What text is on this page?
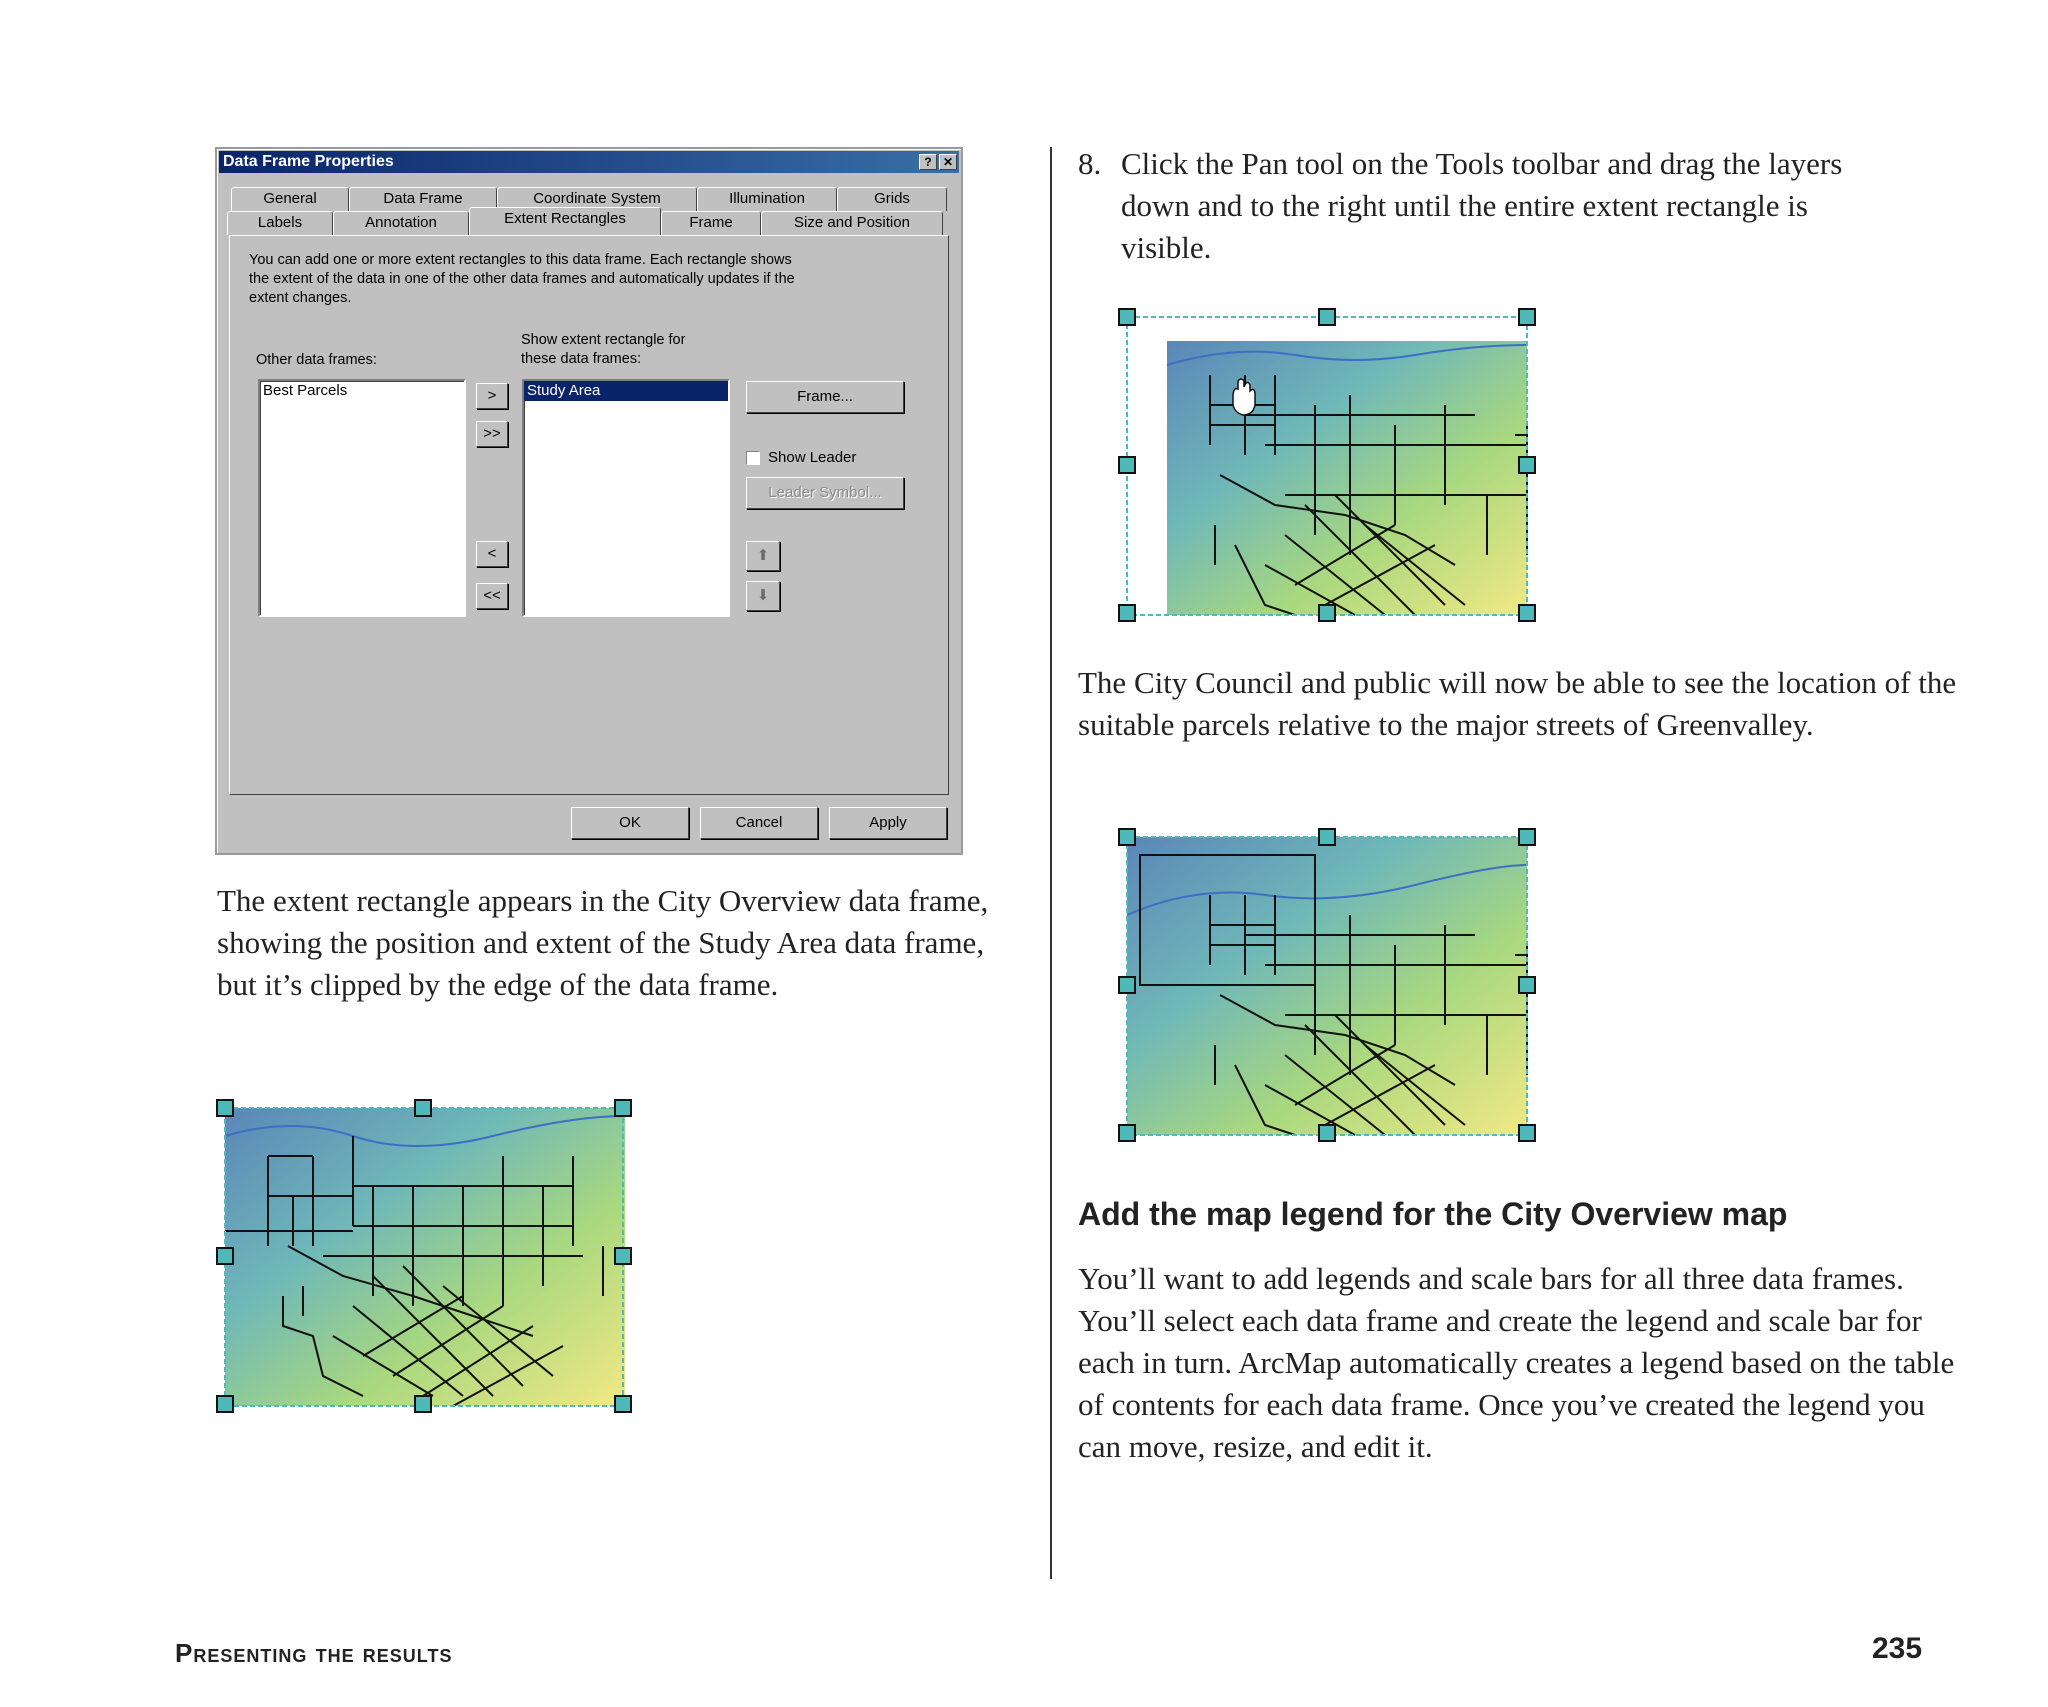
Data Frame Properties	? ✕
General	Data Frame	Coordinate System	Illumination	Grids
Labels	Annotation	Extent Rectangles	Frame	Size and Position
You can add one or more extent rectangles to this data frame. Each rectangle shows
the extent of the data in one of the other data frames and automatically updates if the
extent changes.
Other data frames:
Show extent rectangle for
these data frames:
Best Parcels	Study Area
>
>>
<
<<
Frame...
Show Leader
Leader Symbol...
⬆
⬇
OK	Cancel	Apply

The extent rectangle appears in the City Overview data frame, showing the position and extent of the Study Area data frame, but it’s clipped by the edge of the data frame.

8. Click the Pan tool on the Tools toolbar and drag the layers down and to the right until the entire extent rectangle is visible.

The City Council and public will now be able to see the location of the suitable parcels relative to the major streets of Greenvalley.

Add the map legend for the City Overview map

You’ll want to add legends and scale bars for all three data frames. You’ll select each data frame and create the legend and scale bar for each in turn. ArcMap automatically creates a legend based on the table of contents for each data frame. Once you’ve created the legend you can move, resize, and edit it.

Presenting the results	235
